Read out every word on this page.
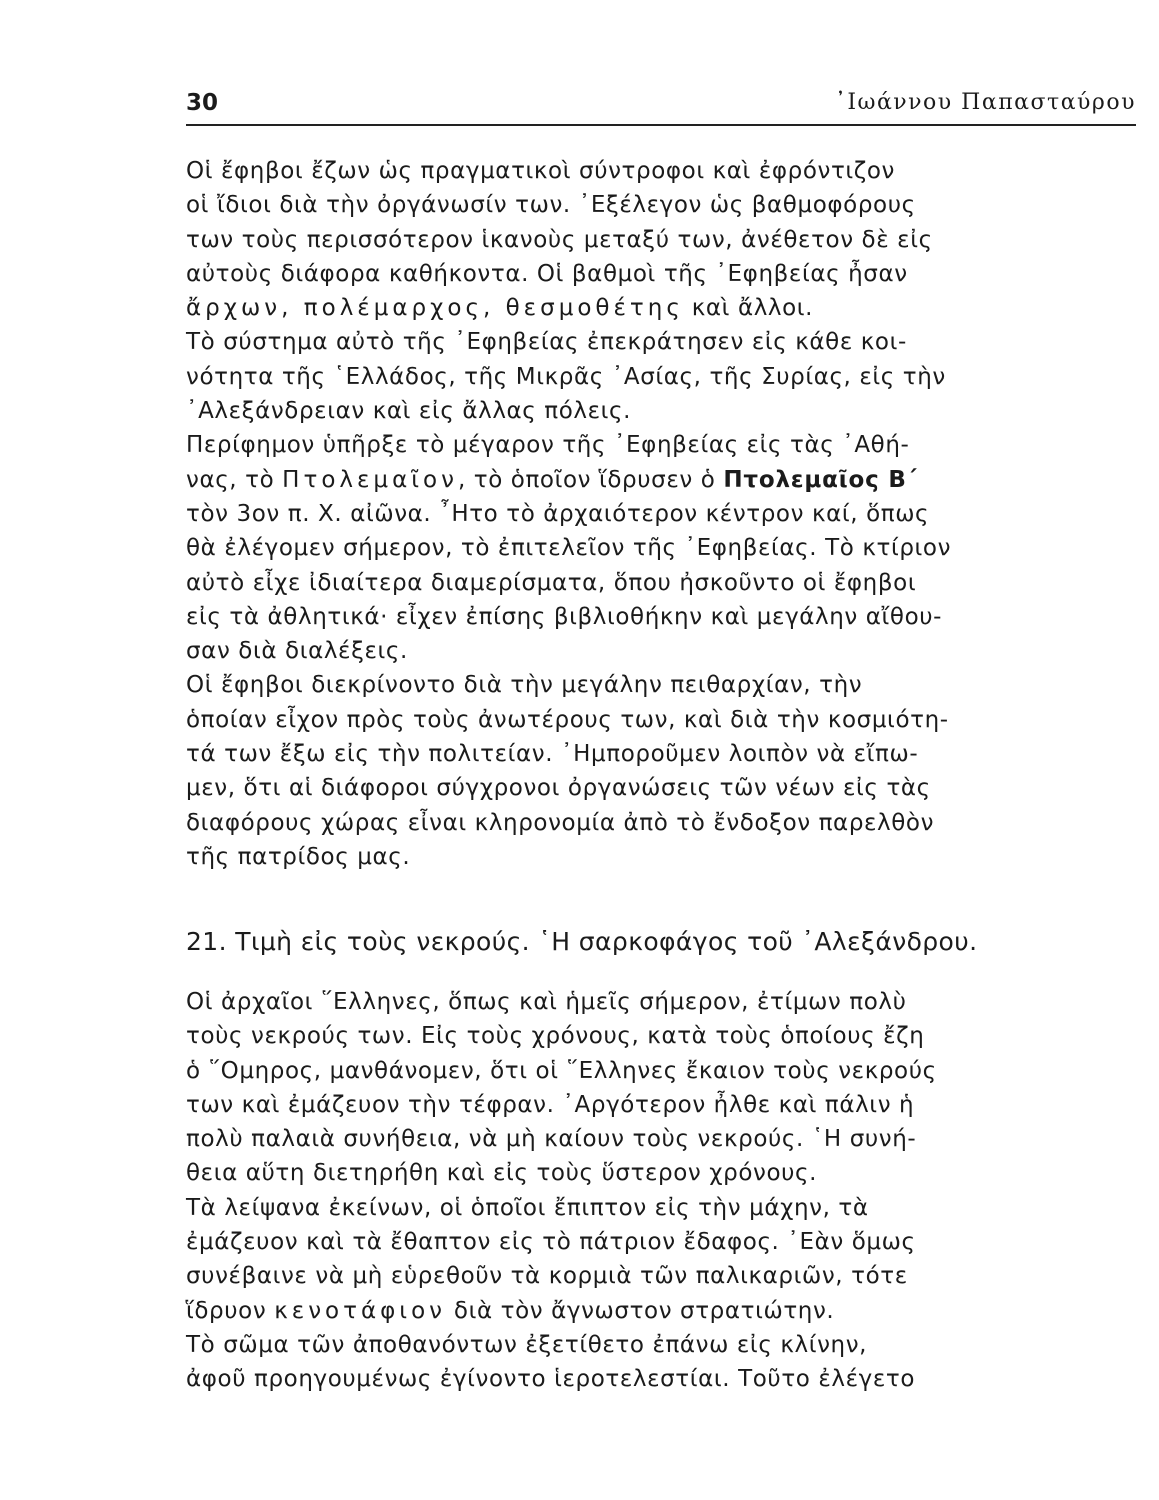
30	᾿Ιωάννου Παπασταύρου
Οἱ ἔφηβοι ἔζων ὡς πραγματικοὶ σύντροφοι καὶ ἐφρόντιζον
οἱ ἴδιοι διὰ τὴν ὀργάνωσίν των. ᾿Εξέλεγον ὡς βαθμοφόρους
των τοὺς περισσότερον ἱκανοὺς μεταξύ των, ἀνέθετον δὲ εἰς
αὐτοὺς διάφορα καθήκοντα. Οἱ βαθμοὶ τῆς ᾿Εφηβείας ἦσαν
ἄρχων, πολέμαρχος, θεσμοθέτης καὶ ἄλλοι.
Τὸ σύστημα αὐτὸ τῆς ᾿Εφηβείας ἐπεκράτησεν εἰς κάθε κοι-
νότητα τῆς ῾Ελλάδος, τῆς Μικρᾶς ᾿Ασίας, τῆς Συρίας, εἰς τὴν
᾿Αλεξάνδρειαν καὶ εἰς ἄλλας πόλεις.
Περίφημον ὑπῆρξε τὸ μέγαρον τῆς ᾿Εφηβείας εἰς τὰς ᾿Αθή-
νας, τὸ Πτολεμαῖον, τὸ ὁποῖον ἵδρυσεν ὁ Πτολεμαῖος Β΄
τὸν 3ον π. Χ. αἰῶνα. ῏Ητο τὸ ἀρχαιότερον κέντρον καί, ὅπως
θὰ ἐλέγομεν σήμερον, τὸ ἐπιτελεῖον τῆς ᾿Εφηβείας. Τὸ κτίριον
αὐτὸ εἶχε ἰδιαίτερα διαμερίσματα, ὅπου ἠσκοῦντο οἱ ἔφηβοι
εἰς τὰ ἀθλητικά· εἶχεν ἐπίσης βιβλιοθήκην καὶ μεγάλην αἴθου-
σαν διὰ διαλέξεις.
Οἱ ἔφηβοι διεκρίνοντο διὰ τὴν μεγάλην πειθαρχίαν, τὴν
ὁποίαν εἶχον πρὸς τοὺς ἀνωτέρους των, καὶ διὰ τὴν κοσμιότη-
τά των ἔξω εἰς τὴν πολιτείαν. ᾿Ημποροῦμεν λοιπὸν νὰ εἴπω-
μεν, ὅτι αἱ διάφοροι σύγχρονοι ὀργανώσεις τῶν νέων εἰς τὰς
διαφόρους χώρας εἶναι κληρονομία ἀπὸ τὸ ἔνδοξον παρελθὸν
τῆς πατρίδος μας.
21. Τιμὴ εἰς τοὺς νεκρούς. ῾Η σαρκοφάγος τοῦ ᾿Αλεξάνδρου.
Οἱ ἀρχαῖοι ῞Ελληνες, ὅπως καὶ ἡμεῖς σήμερον, ἐτίμων πολὺ
τοὺς νεκρούς των. Εἰς τοὺς χρόνους, κατὰ τοὺς ὁποίους ἔζη
ὁ ῞Ομηρος, μανθάνομεν, ὅτι οἱ ῞Ελληνες ἔκαιον τοὺς νεκρούς
των καὶ ἐμάζευον τὴν τέφραν. ᾿Αργότερον ἦλθε καὶ πάλιν ἡ
πολὺ παλαιὰ συνήθεια, νὰ μὴ καίουν τοὺς νεκρούς. ῾Η συνή-
θεια αὕτη διετηρήθη καὶ εἰς τοὺς ὕστερον χρόνους.
Τὰ λείψανα ἐκείνων, οἱ ὁποῖοι ἔπιπτον εἰς τὴν μάχην, τὰ
ἐμάζευον καὶ τὰ ἔθαπτον εἰς τὸ πάτριον ἔδαφος. ᾿Εὰν ὅμως
συνέβαινε νὰ μὴ εὑρεθοῦν τὰ κορμιὰ τῶν παλικαριῶν, τότε
ἵδρυον κενοτάφιον διὰ τὸν ἄγνωστον στρατιώτην.
Τὸ σῶμα τῶν ἀποθανόντων ἐξετίθετο ἐπάνω εἰς κλίνην,
ἀφοῦ προηγουμένως ἐγίνοντο ἱεροτελεστίαι. Τοῦτο ἐλέγετο
